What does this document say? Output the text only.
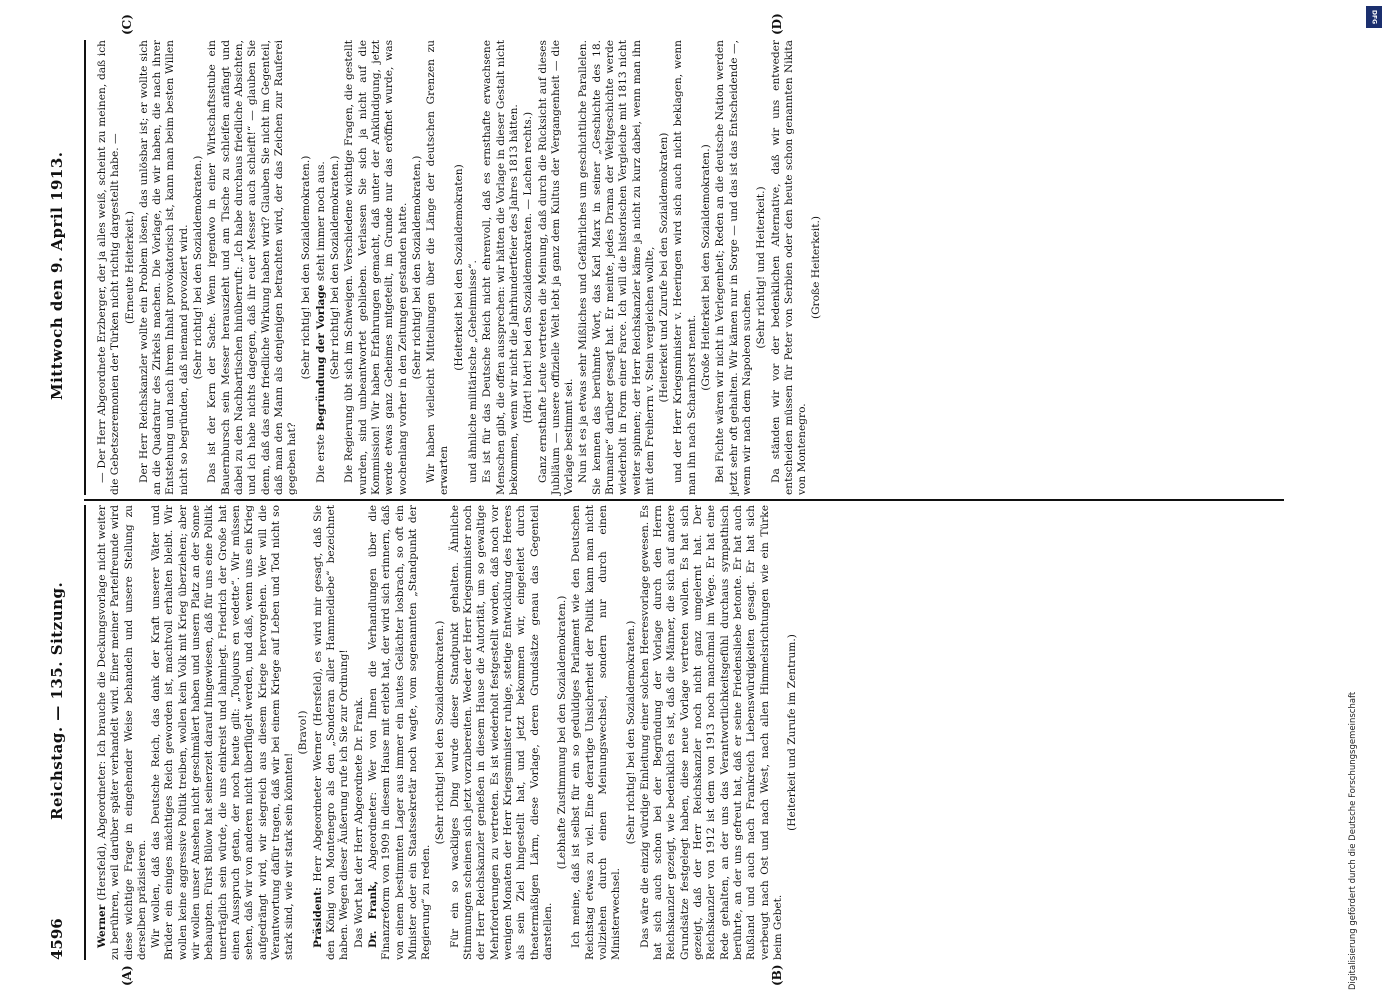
4596
Reichstag. — 135. Sitzung.
Mittwoch den 9. April 1913.

Werner (Hersfeld), Abgeordneter: Ich brauche die Deckungsvorlage nicht weiter zu berühren, weil darüber später verhandelt wird. Einer meiner Parteifreunde wird diese wichtige Frage in eingehender Weise behandeln und unsere Stellung zu derselben präzisieren. Wir wollen, daß das Deutsche Reich, das dank der Kraft unserer Väter und Brüder ein einiges mächtiges Reich geworden ist, machtvoll erhalten bleibt. Wir wollen keine aggressive Politik treiben, wollen kein Volk mit Krieg überziehen; aber wir wollen unser Ansehen nicht geschmälert haben und unsern Platz an der Sonne behaupten. Fürst Bülow hat seinerzeit darauf hingewiesen, daß für uns eine Politik unerträglich sein würde, die uns einkreist und lahmlegt. Friedrich der Große hat einen Ausspruch getan, der noch heute gilt: „Toujours en vedette“. Wir müssen sehen, daß wir von anderen nicht überflügelt werden, und daß, wenn uns ein Krieg aufgedrängt wird, wir siegreich aus diesem Kriege hervorgehen. Wer will die Verantwortung dafür tragen, daß wir bei einem Kriege auf Leben und Tod nicht so stark sind, wie wir stark sein könnten!

(Bravo!)

Präsident: Herr Abgeordneter Werner (Hersfeld), es wird mir gesagt, daß Sie den König von Montenegro als den „Sonderan aller Hammeldiebe“ bezeichnet haben. Wegen dieser Äußerung rufe ich Sie zur Ordnung! Das Wort hat der Herr Abgeordnete Dr. Frank. Dr. Frank, Abgeordneter: Wer von Ihnen die Verhandlungen über die Finanzreform von 1909 in diesem Hause mit erlebt hat, der wird sich erinnern, daß von einem bestimmten Lager aus immer ein lautes Gelächter losbrach, so oft ein Minister oder ein Staatssekretär noch wagte, vom sogenannten „Standpunkt der Regierung“ zu reden.

(Sehr richtig! bei den Sozialdemokraten.) Für ein so wackliges Ding wurde dieser Standpunkt gehalten. Ähnliche Stimmungen scheinen sich jetzt vorzubereiten. Weder der Herr Kriegsminister noch der Herr Reichskanzler genießen in diesem Hause die Autorität, um so gewaltige Mehrforderungen zu vertreten. Es ist wiederholt festgestellt worden, daß noch vor wenigen Monaten der Herr Kriegsminister ruhige, stetige Entwicklung des Heeres als sein Ziel hingestellt hat, und jetzt bekommen wir, eingeleitet durch theatermäßigen Lärm, diese Vorlage, deren Grundsätze genau das Gegenteil darstellen.

(Lebhafte Zustimmung bei den Sozialdemokraten.) Ich meine, daß ist selbst für ein so geduldiges Parlament wie den Deutschen Reichstag etwas zu viel. Eine derartige Unsicherheit der Politik kann man nicht vollziehen durch einen Meinungswechsel, sondern nur durch einen Ministerwechsel.

(Sehr richtig! bei den Sozialdemokraten.) Das wäre die einzig würdige Einleitung einer solchen Heeresvorlage gewesen. Es hat sich auch schon bei der Begründung der Vorlage durch den Herrn Reichskanzler gezeigt, wie bedenklich es ist, daß die Männer, die sich auf andere Grundsätze festgelegt haben, diese neue Vorlage vertreten wollen. Es hat sich gezeigt, daß der Herr Reichskanzler noch nicht ganz umgelernt hat. Der Reichskanzler von 1912 ist dem von 1913 noch manchmal im Wege. Er hat eine Rede gehalten, an der uns das Verantwortlichkeitsgefühl durchaus sympathisch berührte, an der uns gefreut hat, daß er seine Friedensliebe betonte. Er hat auch Rußland und auch nach Frankreich Liebenswürdigkeiten gesagt. Er hat sich verbeugt nach Ost und nach West, nach allen Himmelsrichtungen wie ein Türke beim Gebet.

(Heiterkeit und Zurufe im Zentrum.)

— Der Herr Abgeordnete Erzberger, der ja alles weiß, scheint zu meinen, daß ich die Gebetszeremonien der Türken nicht richtig dargestellt habe. — (Erneute Heiterkeit.) Der Herr Reichskanzler wollte ein Problem lösen, das unlösbar ist; er wollte sich an die Quadratur des Zirkels machen. Die Vorlage, die wir haben, die nach ihrer Entstehung und nach ihrem Inhalt provokatorisch ist, kann man beim besten Willen nicht so begründen, daß niemand provoziert wird. (Sehr richtig! bei den Sozialdemokraten.) Das ist der Kern der Sache. Wenn irgendwo in einer Wirtschaftsstube ein Bauernbursch sein Messer herauszieht und am Tische zu schleifen anfängt und dabei zu den Nachbartischen hinüberruft: „Ich habe durchaus friedliche Absichten, und ich habe nichts dagegen, daß ihr euer Messer auch schleift!“ — glauben Sie denn, daß das eine friedliche Wirkung haben wird? Glauben Sie nicht im Gegenteil, daß man den Mann als denjenigen betrachten wird, der das Zeichen zur Rauferei gegeben hat?

(Sehr richtig! bei den Sozialdemokraten.)

Die erste Begründung der Vorlage steht immer noch aus. (Sehr richtig! bei den Sozialdemokraten.) Die Regierung übt sich im Schweigen. Verschiedene wichtige Fragen, die gestellt wurden, sind unbeantwortet geblieben. Verlassen Sie sich ja nicht auf die Kommission! Wir haben Erfahrungen gemacht, daß unter der Ankündigung, jetzt werde etwas ganz Geheimes mitgeteilt, im Grunde nur das eröffnet wurde, was wochenlang vorher in den Zeitungen gestanden hatte. (Sehr richtig! bei den Sozialdemokraten.) Wir haben vielleicht Mitteilungen über die Länge der deutschen Grenzen zu erwarten

(Heiterkeit bei den Sozialdemokraten) und ähnliche militärische „Geheimnisse“. Es ist für das Deutsche Reich nicht ehrenvoll, daß es ernsthafte erwachsene Menschen gibt, die offen aussprechen: wir hätten die Vorlage in dieser Gestalt nicht bekommen, wenn wir nicht die Jahrhundertfeier des Jahres 1813 hätten. (Hört! hört! bei den Sozialdemokraten. — Lachen rechts.) Ganz ernsthafte Leute vertreten die Meinung, daß durch die Rücksicht auf dieses Jubiläum — unsere offizielle Welt lebt ja ganz dem Kultus der Vergangenheit — die Vorlage bestimmt sei. Nun ist es ja etwas sehr Mißliches und Gefährliches um geschichtliche Parallelen. Sie kennen das berühmte Wort, das Karl Marx in seiner „Geschichte des 18. Brumaire“ darüber gesagt hat. Er meinte, jedes Drama der Weltgeschichte werde wiederholt in Form einer Farce. Ich will die historischen Vergleiche mit 1813 nicht weiter spinnen; der Herr Reichskanzler käme ja nicht zu kurz dabei, wenn man ihn mit dem Freiherrn v. Stein vergleichen wollte, (Heiterkeit und Zurufe bei den Sozialdemokraten) und der Herr Kriegsminister v. Heeringen wird sich auch nicht beklagen, wenn man ihn nach Scharnhorst nennt.

(Große Heiterkeit bei den Sozialdemokraten.) Bei Fichte wären wir nicht in Verlegenheit; Reden an die deutsche Nation werden jetzt sehr oft gehalten. Wir kämen nur in Sorge — und das ist das Entscheidende —, wenn wir nach dem Napoleon suchen.

(Sehr richtig! und Heiterkeit.) Da ständen wir vor der bedenklichen Alternative, daß wir uns entweder entscheiden müssen für Peter von Serbien oder den heute schon genannten Nikita von Montenegro.

(Große Heiterkeit.)

(A)	(B)
(C)	(D)
Digitalisierung gefördert durch die Deutsche Forschungsgemeinschaft
DFG
